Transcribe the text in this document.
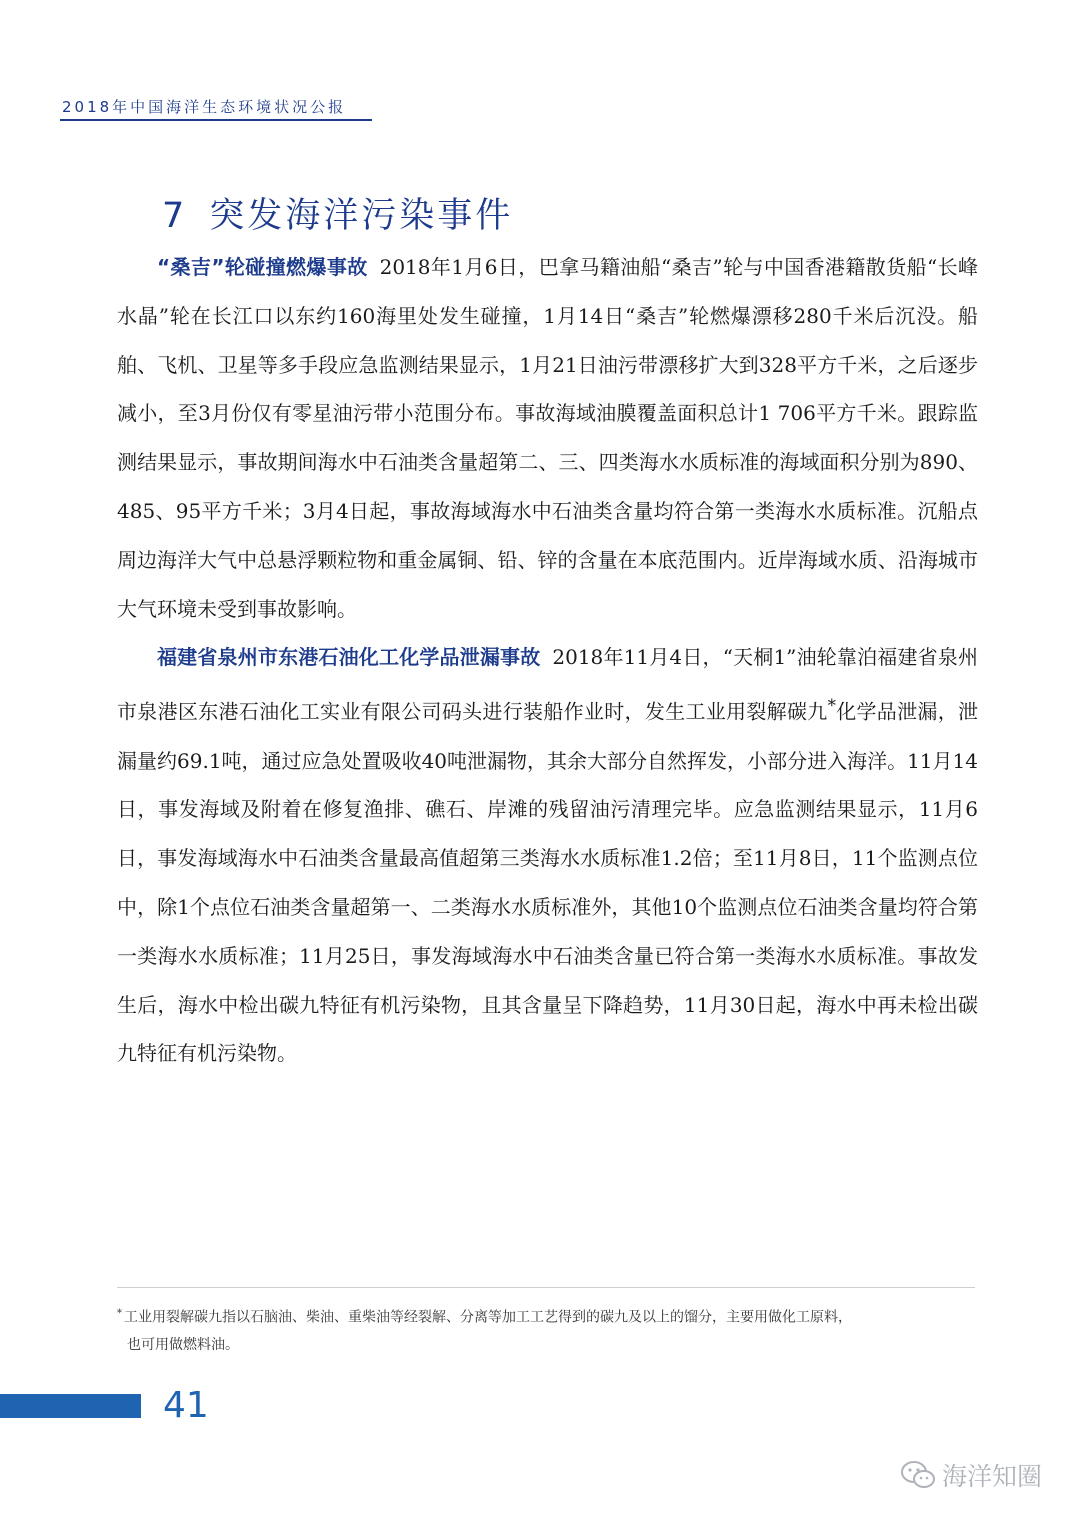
2018年中国海洋生态环境状况公报
7 突发海洋污染事件

“桑吉”轮碰撞燃爆事故 2018年1月6日，巴拿马籍油船“桑吉”轮与中国香港籍散货船“长峰水晶”轮在长江口以东约160海里处发生碰撞，1月14日“桑吉”轮燃爆漂移280千米后沉没。船舶、飞机、卫星等多手段应急监测结果显示，1月21日油污带漂移扩大到328平方千米，之后逐步减小，至3月份仅有零星油污带小范围分布。事故海域油膜覆盖面积总计1 706平方千米。跟踪监测结果显示，事故期间海水中石油类含量超第二、三、四类海水水质标准的海域面积分别为890、485、95平方千米；3月4日起，事故海域海水中石油类含量均符合第一类海水水质标准。沉船点周边海洋大气中总悬浮颗粒物和重金属铜、铅、锌的含量在本底范围内。近岸海域水质、沿海城市大气环境未受到事故影响。

福建省泉州市东港石油化工化学品泄漏事故 2018年11月4日，“天桐1”油轮靠泊福建省泉州市泉港区东港石油化工实业有限公司码头进行装船作业时，发生工业用裂解碳九*化学品泄漏，泄漏量约69.1吨，通过应急处置吸收40吨泄漏物，其余大部分自然挥发，小部分进入海洋。11月14日，事发海域及附着在修复渔排、礁石、岸滩的残留油污清理完毕。应急监测结果显示，11月6日，事发海域海水中石油类含量最高值超第三类海水水质标准1.2倍；至11月8日，11个监测点位中，除1个点位石油类含量超第一、二类海水水质标准外，其他10个监测点位石油类含量均符合第一类海水水质标准；11月25日，事发海域海水中石油类含量已符合第一类海水水质标准。事故发生后，海水中检出碳九特征有机污染物，且其含量呈下降趋势，11月30日起，海水中再未检出碳九特征有机污染物。

* 工业用裂解碳九指以石脑油、柴油、重柴油等经裂解、分离等加工工艺得到的碳九及以上的馏分，主要用做化工原料，

也可用做燃料油。

41
海洋知圈
